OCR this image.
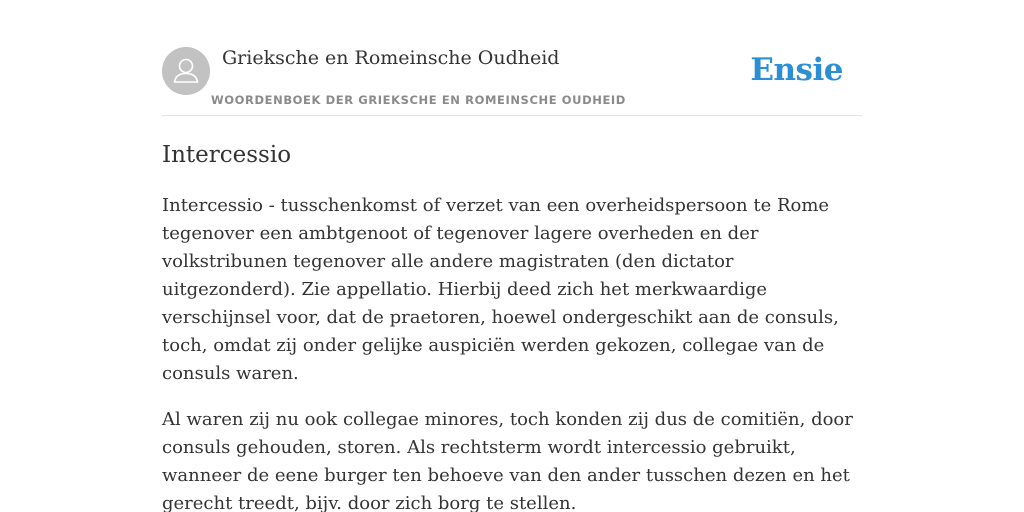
Grieksche en Romeinsche Oudheid
WOORDENBOEK DER GRIEKSCHE EN ROMEINSCHE OUDHEID
Ensie
Intercessio

Intercessio - tusschenkomst of verzet van een overheidspersoon te Rome tegenover een ambtgenoot of tegenover lagere overheden en der volkstribunen tegenover alle andere magistraten (den dictator uitgezonderd). Zie appellatio. Hierbij deed zich het merkwaardige verschijnsel voor, dat de praetoren, hoewel ondergeschikt aan de consuls, toch, omdat zij onder gelijke auspiciën werden gekozen, collegae van de consuls waren.

Al waren zij nu ook collegae minores, toch konden zij dus de comitiën, door consuls gehouden, storen. Als rechtsterm wordt intercessio gebruikt, wanneer de eene burger ten behoeve van den ander tusschen dezen en het gerecht treedt, bijv. door zich borg te stellen.
